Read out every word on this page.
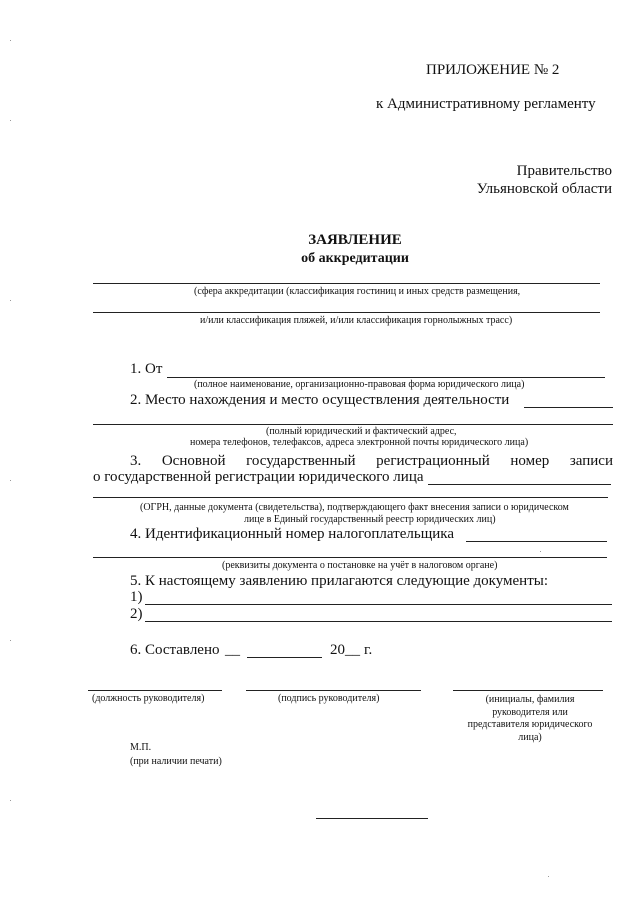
ПРИЛОЖЕНИЕ № 2
к Административному регламенту
Правительство
Ульяновской области
ЗАЯВЛЕНИЕ
об аккредитации
(сфера аккредитации (классификация гостиниц и иных средств размещения,
и/или классификация пляжей, и/или классификация горнолыжных трасс)
1. От
(полное наименование, организационно-правовая форма юридического лица)
2. Место нахождения и место осуществления деятельности
(полный юридический и фактический адрес,
номера телефонов, телефаксов, адреса электронной почты юридического лица)
3. Основной государственный регистрационный номер записи
о государственной регистрации юридического лица
(ОГРН, данные документа (свидетельства), подтверждающего факт внесения записи о юридическом
лице в Единый государственный реестр юридических лиц)
4. Идентификационный номер налогоплательщика
(реквизиты документа о постановке на учёт в налоговом органе)
5. К настоящему заявлению прилагаются следующие документы:
1)
2)
6. Составлено __	20 __ г.
(должность руководителя)	(подпись руководителя)	(инициалы, фамилия
руководителя или
представителя юридического
лица)
М.П.
(при наличии печати)
